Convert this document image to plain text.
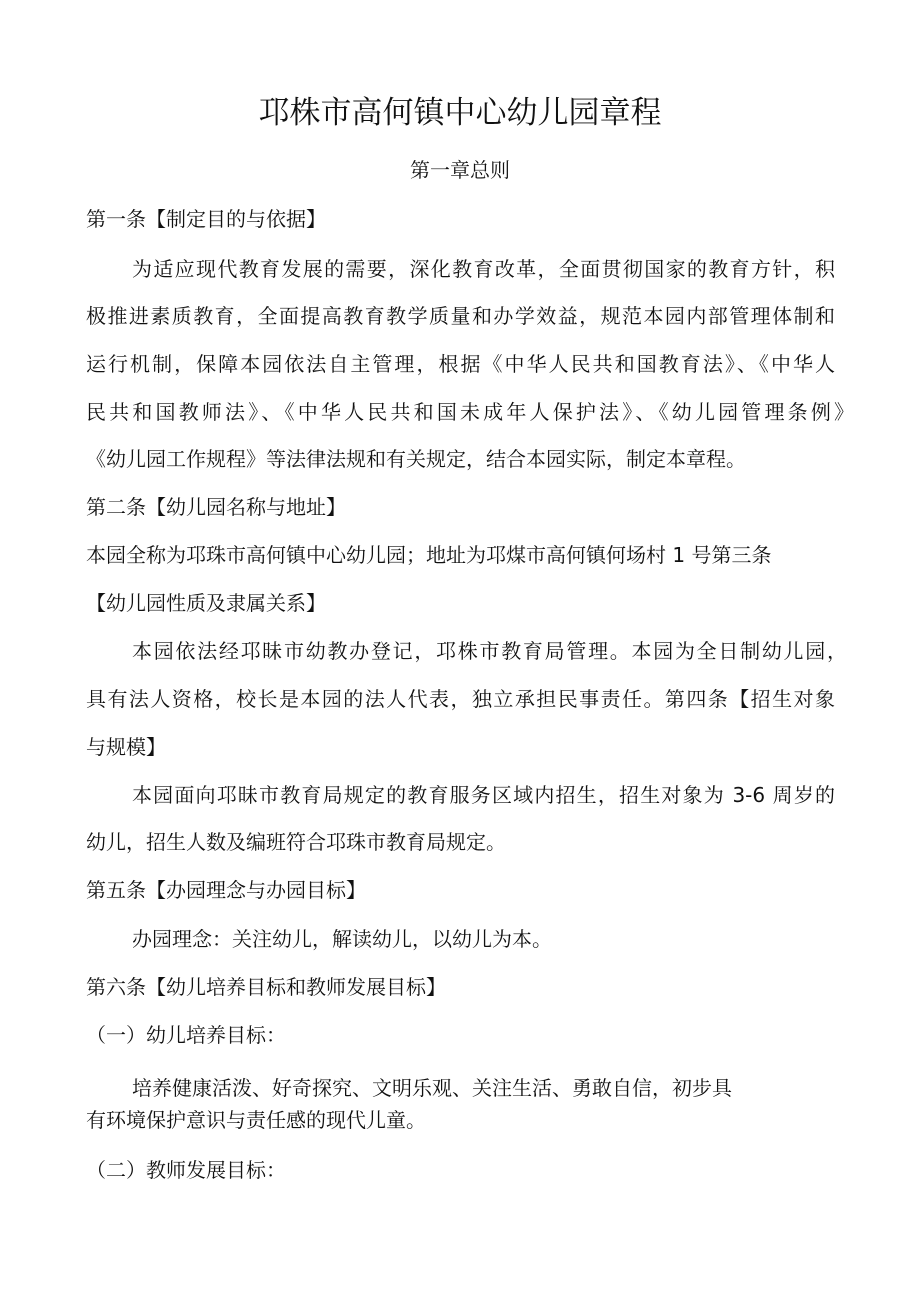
邛株市高何镇中心幼儿园章程
第一章总则
第一条【制定目的与依据】
为适应现代教育发展的需要，深化教育改革，全面贯彻国家的教育方针，积
极推进素质教育，全面提高教育教学质量和办学效益，规范本园内部管理体制和
运行机制，保障本园依法自主管理，根据《中华人民共和国教育法》、《中华人
民共和国教师法》、《中华人民共和国未成年人保护法》、《幼儿园管理条例》
《幼儿园工作规程》等法律法规和有关规定，结合本园实际，制定本章程。
第二条【幼儿园名称与地址】
本园全称为邛珠市高何镇中心幼儿园；地址为邛煤市高何镇何场村 1 号第三条
【幼儿园性质及隶属关系】
本园依法经邛昧市幼教办登记，邛株市教育局管理。本园为全日制幼儿园，
具有法人资格，校长是本园的法人代表，独立承担民事责任。第四条【招生对象
与规模】
本园面向邛昧市教育局规定的教育服务区域内招生，招生对象为 3-6 周岁的
幼儿，招生人数及编班符合邛珠市教育局规定。
第五条【办园理念与办园目标】
办园理念：关注幼儿，解读幼儿，以幼儿为本。
第六条【幼儿培养目标和教师发展目标】
（一）幼儿培养目标：
培养健康活泼、好奇探究、文明乐观、关注生活、勇敢自信，初步具
有环境保护意识与责任感的现代儿童。
（二）教师发展目标：
